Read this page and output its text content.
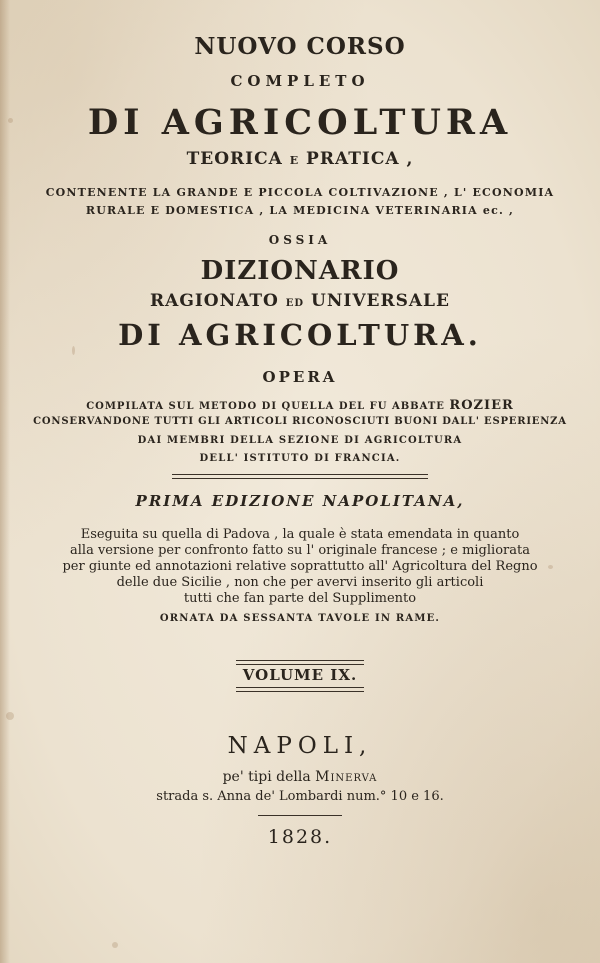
NUOVO CORSO
COMPLETO
DI AGRICOLTURA
TEORICA E PRATICA ,
CONTENENTE LA GRANDE E PICCOLA COLTIVAZIONE , L' ECONOMIA
RURALE E DOMESTICA , LA MEDICINA VETERINARIA ec. ,
OSSIA
DIZIONARIO
RAGIONATO ED UNIVERSALE
DI AGRICOLTURA.
OPERA
COMPILATA SUL METODO DI QUELLA DEL FU ABBATE ROZIER
CONSERVANDONE TUTTI GLI ARTICOLI RICONOSCIUTI BUONI DALL' ESPERIENZA
DAI MEMBRI DELLA SEZIONE DI AGRICOLTURA
DELL' ISTITUTO DI FRANCIA.
PRIMA EDIZIONE NAPOLITANA,
Eseguita su quella di Padova , la quale è stata emendata in quanto
alla versione per confronto fatto su l' originale francese ; e migliorata
per giunte ed annotazioni relative soprattutto all' Agricoltura del Regno
delle due Sicilie , non che per avervi inserito gli articoli
tutti che fan parte del Supplimento
ORNATA DA SESSANTA TAVOLE IN RAME.
VOLUME IX.
NAPOLI,
pe' tipi della Minerva
strada s. Anna de' Lombardi num.° 10 e 16.
1828.
